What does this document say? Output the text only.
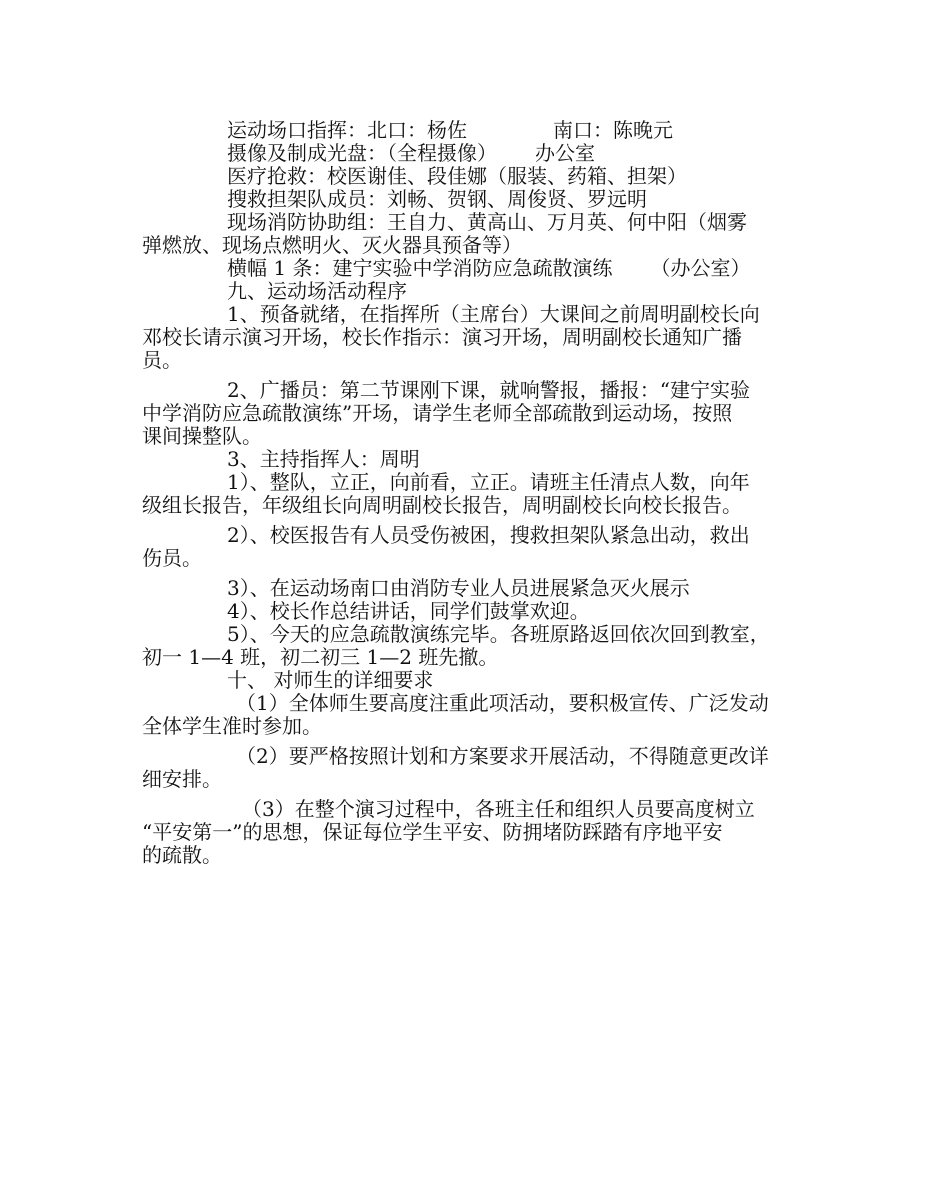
运动场口指挥：北口：杨佐	南口：陈晚元
摄像及制成光盘：（全程摄像） 办公室
医疗抢救：校医谢佳、段佳娜（服装、药箱、担架）
搜救担架队成员：刘畅、贺钢、周俊贤、罗远明
现场消防协助组：王自力、黄高山、万月英、何中阳（烟雾
弹燃放、现场点燃明火、灭火器具预备等）
横幅 1 条：建宁实验中学消防应急疏散演练 （办公室）
九、运动场活动程序
1、预备就绪，在指挥所（主席台）大课间之前周明副校长向
邓校长请示演习开场，校长作指示：演习开场，周明副校长通知广播
员。
2、广播员：第二节课刚下课，就响警报，播报：“建宁实验
中学消防应急疏散演练”开场，请学生老师全部疏散到运动场，按照
课间操整队。
3、主持指挥人：周明
1）、整队，立正，向前看，立正。请班主任清点人数，向年
级组长报告，年级组长向周明副校长报告，周明副校长向校长报告。
2）、校医报告有人员受伤被困，搜救担架队紧急出动，救出
伤员。
3）、在运动场南口由消防专业人员进展紧急灭火展示
4）、校长作总结讲话，同学们鼓掌欢迎。
5）、今天的应急疏散演练完毕。各班原路返回依次回到教室，
初一 1—4 班，初二初三 1—2 班先撤。
十、 对师生的详细要求
（1）全体师生要高度注重此项活动，要积极宣传、广泛发动
全体学生准时参加。
（2）要严格按照计划和方案要求开展活动，不得随意更改详
细安排。
（3）在整个演习过程中，各班主任和组织人员要高度树立
“平安第一”的思想，保证每位学生平安、防拥堵防踩踏有序地平安
的疏散。
